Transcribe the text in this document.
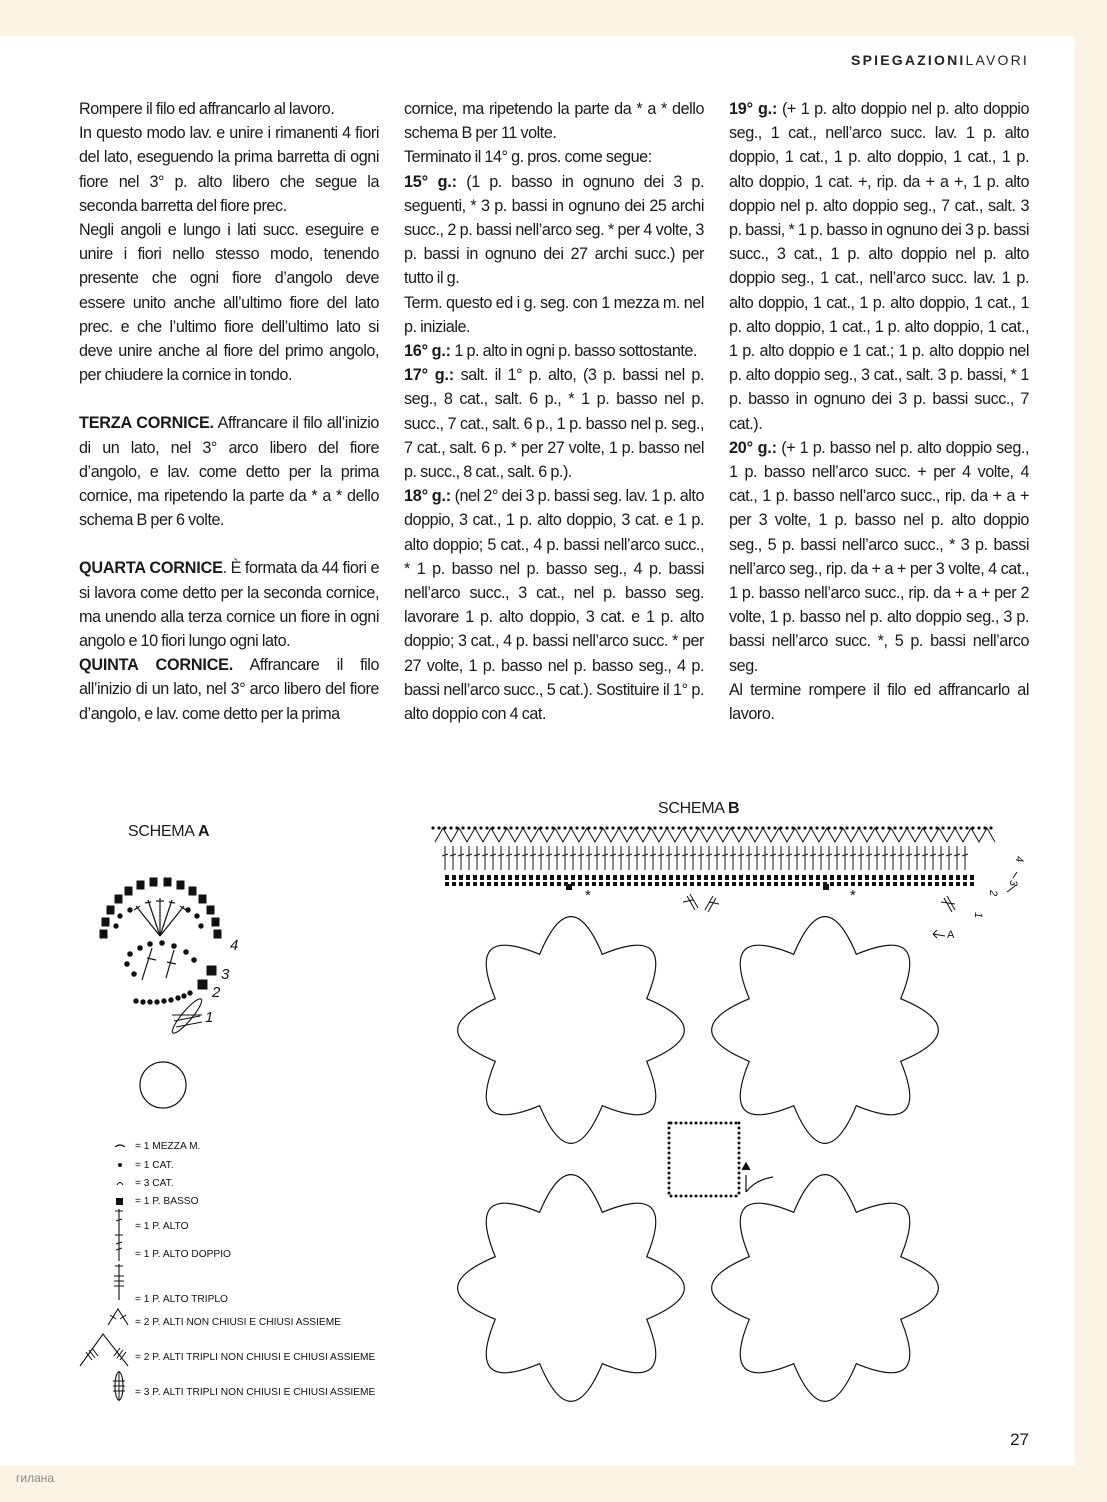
SPIEGAZIONILAVORI

Rompere il filo ed affrancarlo al lavoro.

In questo modo lav. e unire i rimanenti 4 fiori del lato, eseguendo la prima barretta di ogni fiore nel 3° p. alto libero che segue la seconda barretta del fiore prec.

Negli angoli e lungo i lati succ. eseguire e unire i fiori nello stesso modo, tenendo presente che ogni fiore d’angolo deve essere unito anche all’ultimo fiore del lato prec. e che l’ultimo fiore dell’ultimo lato si deve unire anche al fiore del primo angolo, per chiudere la cornice in tondo.

TERZA CORNICE. Affrancare il filo all’inizio di un lato, nel 3° arco libero del fiore d’angolo, e lav. come detto per la prima cornice, ma ripetendo la parte da * a * dello schema B per 6 volte.

QUARTA CORNICE. È formata da 44 fiori e si lavora come detto per la seconda cornice, ma unendo alla terza cornice un fiore in ogni angolo e 10 fiori lungo ogni lato.

QUINTA CORNICE. Affrancare il filo all’inizio di un lato, nel 3° arco libero del fiore d’angolo, e lav. come detto per la prima

cornice, ma ripetendo la parte da * a * dello schema B per 11 volte.

Terminato il 14° g. pros. come segue:

15° g.: (1 p. basso in ognuno dei 3 p. seguenti, * 3 p. bassi in ognuno dei 25 archi succ., 2 p. bassi nell’arco seg. * per 4 volte, 3 p. bassi in ognuno dei 27 archi succ.) per tutto il g.

Term. questo ed i g. seg. con 1 mezza m. nel p. iniziale.

16° g.: 1 p. alto in ogni p. basso sottostante.

17° g.: salt. il 1° p. alto, (3 p. bassi nel p. seg., 8 cat., salt. 6 p., * 1 p. basso nel p. succ., 7 cat., salt. 6 p., 1 p. basso nel p. seg., 7 cat., salt. 6 p. * per 27 volte, 1 p. basso nel p. succ., 8 cat., salt. 6 p.).

18° g.: (nel 2° dei 3 p. bassi seg. lav. 1 p. alto doppio, 3 cat., 1 p. alto doppio, 3 cat. e 1 p. alto doppio; 5 cat., 4 p. bassi nell’arco succ., * 1 p. basso nel p. basso seg., 4 p. bassi nell’arco succ., 3 cat., nel p. basso seg. lavorare 1 p. alto doppio, 3 cat. e 1 p. alto doppio; 3 cat., 4 p. bassi nell’arco succ. * per 27 volte, 1 p. basso nel p. basso seg., 4 p. bassi nell’arco succ., 5 cat.). Sostituire il 1° p. alto doppio con 4 cat.

19° g.: (+ 1 p. alto doppio nel p. alto doppio seg., 1 cat., nell’arco succ. lav. 1 p. alto doppio, 1 cat., 1 p. alto doppio, 1 cat., 1 p. alto doppio, 1 cat. +, rip. da + a +, 1 p. alto doppio nel p. alto doppio seg., 7 cat., salt. 3 p. bassi, * 1 p. basso in ognuno dei 3 p. bassi succ., 3 cat., 1 p. alto doppio nel p. alto doppio seg., 1 cat., nell’arco succ. lav. 1 p. alto doppio, 1 cat., 1 p. alto doppio, 1 cat., 1 p. alto doppio, 1 cat., 1 p. alto doppio, 1 cat., 1 p. alto doppio e 1 cat.; 1 p. alto doppio nel p. alto doppio seg., 3 cat., salt. 3 p. bassi, * 1 p. basso in ognuno dei 3 p. bassi succ., 7 cat.).

20° g.: (+ 1 p. basso nel p. alto doppio seg., 1 p. basso nell’arco succ. + per 4 volte, 4 cat., 1 p. basso nell’arco succ., rip. da + a + per 3 volte, 1 p. basso nel p. alto doppio seg., 5 p. bassi nell’arco succ., * 3 p. bassi nell’arco seg., rip. da + a + per 3 volte, 4 cat., 1 p. basso nell’arco succ., rip. da + a + per 2 volte, 1 p. basso nel p. alto doppio seg., 3 p. bassi nell’arco succ. *, 5 p. bassi nell’arco seg.

Al termine rompere il filo ed affrancarlo al lavoro.

SCHEMA A
4
3
2
1
= 1 MEZZA M.
= 1 CAT.
= 3 CAT.
= 1 P. BASSO
= 1 P. ALTO
= 1 P. ALTO DOPPIO
= 1 P. ALTO TRIPLO
= 2 P. ALTI NON CHIUSI E CHIUSI ASSIEME
= 2 P. ALTI TRIPLI NON CHIUSI E CHIUSI ASSIEME
= 3 P. ALTI TRIPLI NON CHIUSI E CHIUSI ASSIEME
SCHEMA B
*	*
A
1
2
3
4
27
гилана
